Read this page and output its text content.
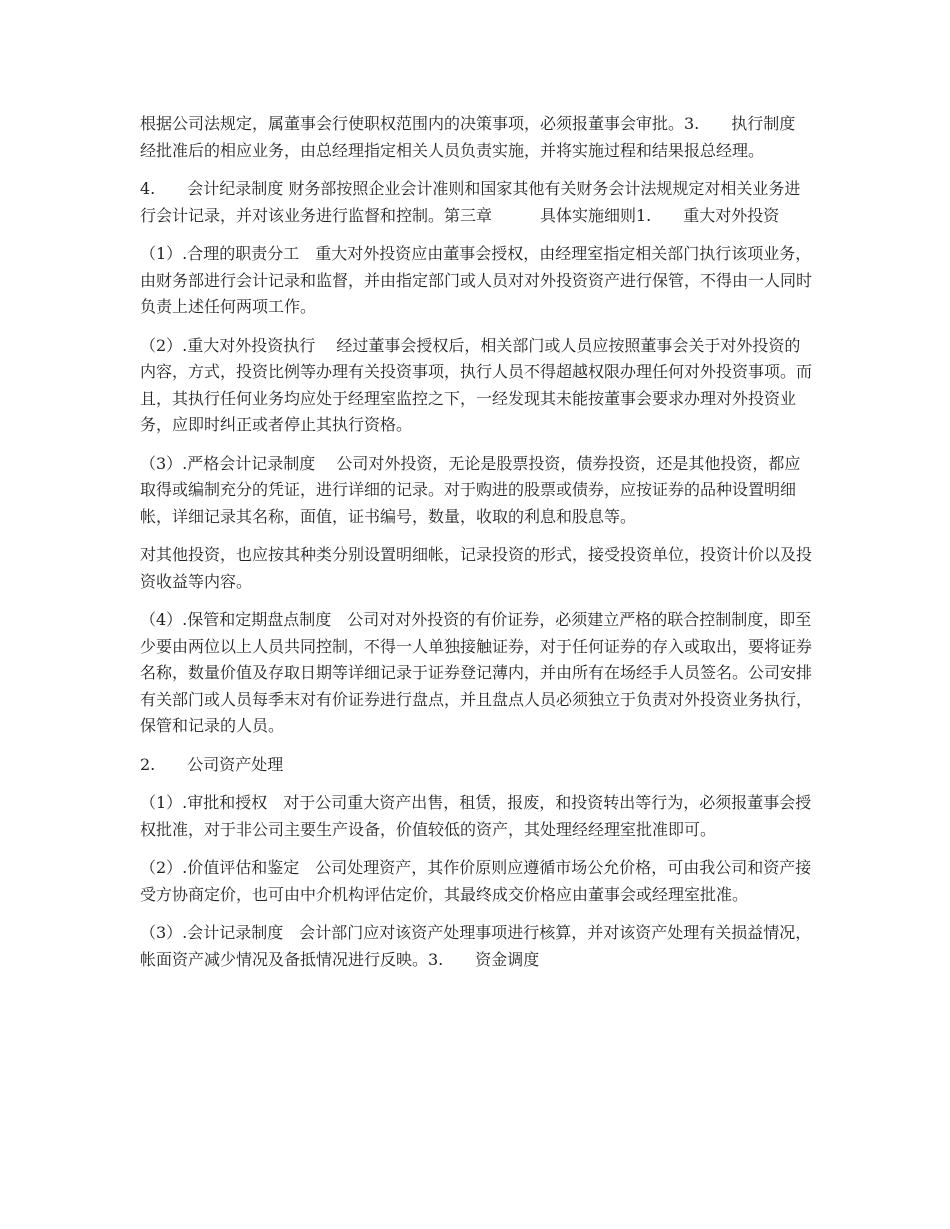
根据公司法规定，属董事会行使职权范围内的决策事项，必须报董事会审批。3.　　执行制度　经批准后的相应业务，由总经理指定相关人员负责实施，并将实施过程和结果报总经理。

4.　　会计纪录制度 财务部按照企业会计准则和国家其他有关财务会计法规规定对相关业务进行会计记录，并对该业务进行监督和控制。第三章　　　具体实施细则1.　　重大对外投资

（1）.合理的职责分工　重大对外投资应由董事会授权，由经理室指定相关部门执行该项业务，由财务部进行会计记录和监督，并由指定部门或人员对对外投资资产进行保管，不得由一人同时负责上述任何两项工作。

（2）.重大对外投资执行　 经过董事会授权后，相关部门或人员应按照董事会关于对外投资的内容，方式，投资比例等办理有关投资事项，执行人员不得超越权限办理任何对外投资事项。而且，其执行任何业务均应处于经理室监控之下，一经发现其未能按董事会要求办理对外投资业务，应即时纠正或者停止其执行资格。

（3）.严格会计记录制度　 公司对外投资，无论是股票投资，债券投资，还是其他投资，都应取得或编制充分的凭证，进行详细的记录。对于购进的股票或债券，应按证券的品种设置明细帐，详细记录其名称，面值，证书编号，数量，收取的利息和股息等。

对其他投资，也应按其种类分别设置明细帐，记录投资的形式，接受投资单位，投资计价以及投资收益等内容。

（4）.保管和定期盘点制度　公司对对外投资的有价证券，必须建立严格的联合控制制度，即至少要由两位以上人员共同控制，不得一人单独接触证券，对于任何证券的存入或取出，要将证券名称，数量价值及存取日期等详细记录于证券登记薄内，并由所有在场经手人员签名。公司安排有关部门或人员每季末对有价证券进行盘点，并且盘点人员必须独立于负责对外投资业务执行，保管和记录的人员。

2.　　公司资产处理

（1）.审批和授权　对于公司重大资产出售，租赁，报废，和投资转出等行为，必须报董事会授权批准，对于非公司主要生产设备，价值较低的资产，其处理经经理室批准即可。

（2）.价值评估和鉴定　公司处理资产，其作价原则应遵循市场公允价格，可由我公司和资产接受方协商定价，也可由中介机构评估定价，其最终成交价格应由董事会或经理室批准。

（3）.会计记录制度　会计部门应对该资产处理事项进行核算，并对该资产处理有关损益情况，帐面资产减少情况及备抵情况进行反映。3.　　资金调度
